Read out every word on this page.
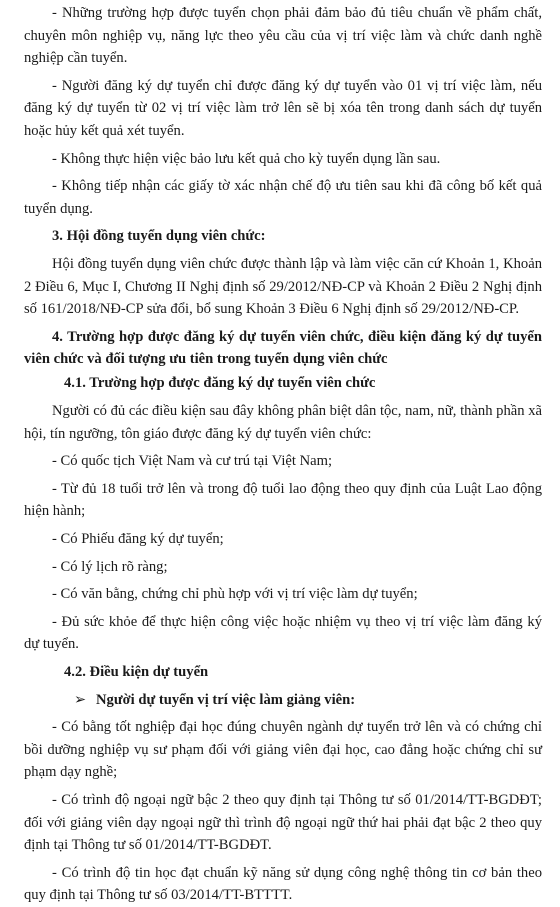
- Những trường hợp được tuyển chọn phải đảm bảo đủ tiêu chuẩn về phẩm chất, chuyên môn nghiệp vụ, năng lực theo yêu cầu của vị trí việc làm và chức danh nghề nghiệp cần tuyển.

- Người đăng ký dự tuyển chỉ được đăng ký dự tuyển vào 01 vị trí việc làm, nếu đăng ký dự tuyển từ 02 vị trí việc làm trở lên sẽ bị xóa tên trong danh sách dự tuyển hoặc hủy kết quả xét tuyển.

- Không thực hiện việc bảo lưu kết quả cho kỳ tuyển dụng lần sau.

- Không tiếp nhận các giấy tờ xác nhận chế độ ưu tiên sau khi đã công bố kết quả tuyển dụng.

3. Hội đồng tuyển dụng viên chức:

Hội đồng tuyển dụng viên chức được thành lập và làm việc căn cứ Khoản 1, Khoản 2 Điều 6, Mục I, Chương II Nghị định số 29/2012/NĐ-CP và Khoản 2 Điều 2 Nghị định số 161/2018/NĐ-CP sửa đổi, bổ sung Khoản 3 Điều 6 Nghị định số 29/2012/NĐ-CP.

4. Trường hợp được đăng ký dự tuyển viên chức, điều kiện đăng ký dự tuyển viên chức và đối tượng ưu tiên trong tuyển dụng viên chức

4.1. Trường hợp được đăng ký dự tuyển viên chức

Người có đủ các điều kiện sau đây không phân biệt dân tộc, nam, nữ, thành phần xã hội, tín ngưỡng, tôn giáo được đăng ký dự tuyển viên chức:

- Có quốc tịch Việt Nam và cư trú tại Việt Nam;

- Từ đủ 18 tuổi trở lên và trong độ tuổi lao động theo quy định của Luật Lao động hiện hành;

- Có Phiếu đăng ký dự tuyển;

- Có lý lịch rõ ràng;

- Có văn bằng, chứng chỉ phù hợp với vị trí việc làm dự tuyển;

- Đủ sức khỏe để thực hiện công việc hoặc nhiệm vụ theo vị trí việc làm đăng ký dự tuyển.

4.2. Điều kiện dự tuyển

➢ Người dự tuyển vị trí việc làm giảng viên:

- Có bằng tốt nghiệp đại học đúng chuyên ngành dự tuyển trở lên và có chứng chỉ bồi dưỡng nghiệp vụ sư phạm đối với giảng viên đại học, cao đẳng hoặc chứng chỉ sư phạm dạy nghề;

- Có trình độ ngoại ngữ bậc 2 theo quy định tại Thông tư số 01/2014/TT-BGDĐT; đối với giảng viên dạy ngoại ngữ thì trình độ ngoại ngữ thứ hai phải đạt bậc 2 theo quy định tại Thông tư số 01/2014/TT-BGDĐT.

- Có trình độ tin học đạt chuẩn kỹ năng sử dụng công nghệ thông tin cơ bản theo quy định tại Thông tư số 03/2014/TT-BTTTT.
